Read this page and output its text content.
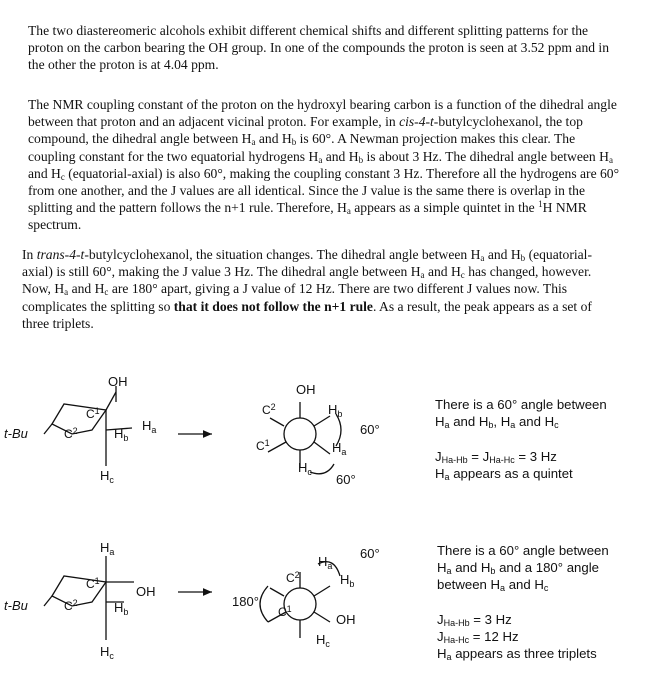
The two diastereomeric alcohols exhibit different chemical shifts and different splitting patterns for the proton on the carbon bearing the OH group. In one of the compounds the proton is seen at 3.52 ppm and in the other the proton is at 4.04 ppm.

The NMR coupling constant of the proton on the hydroxyl bearing carbon is a function of the dihedral angle between that proton and an adjacent vicinal proton. For example, in cis-4-t-butylcyclohexanol, the top compound, the dihedral angle between $H_a$ and $H_b$ is 60°. A Newman projection makes this clear. The coupling constant for the two equatorial hydrogens $H_a$ and $H_b$ is about 3 Hz. The dihedral angle between $H_a$ and $H_c$ (equatorial-axial) is also 60°, making the coupling constant 3 Hz. Therefore all the hydrogens are 60° from one another, and the J values are all identical. Since the J value is the same there is overlap in the splitting and the pattern follows the n+1 rule. Therefore, $H_a$ appears as a simple quintet in the $^1$H NMR spectrum.

In trans-4-t-butylcyclohexanol, the situation changes. The dihedral angle between $H_a$ and $H_b$ (equatorial-axial) is still 60°, making the J value 3 Hz. The dihedral angle between $H_a$ and $H_c$ has changed, however. Now, $H_a$ and $H_c$ are 180° apart, giving a J value of 12 Hz. There are two different J values now. This complicates the splitting so that it does not follow the n+1 rule. As a result, the peak appears as a set of three triplets.

OH
t-Bu
$C^1$
$C^2$	$H_a$
$H_b$
$H_c$
OH
$C^2$
$C^1$
$H_b$
$H_a$
$H_c$
60°
60°
$H_a$
t-Bu
$C^1$
$C^2$
OH
$H_b$
$H_c$
$H_a$
60°
$C^2$	$H_b$
$C^1$
180°
OH
$H_c$
There is a 60° angle between
$H_a$ and $H_b$, $H_a$ and $H_c$
$J_{Ha-Hb} = J_{Ha-Hc} = 3$ Hz
$H_a$ appears as a quintet
There is a 60° angle between
$H_a$ and $H_b$ and a 180° angle
between $H_a$ and $H_c$
$J_{Ha-Hb} = 3$ Hz
$J_{Ha-Hc} = 12$ Hz
$H_a$ appears as three triplets
